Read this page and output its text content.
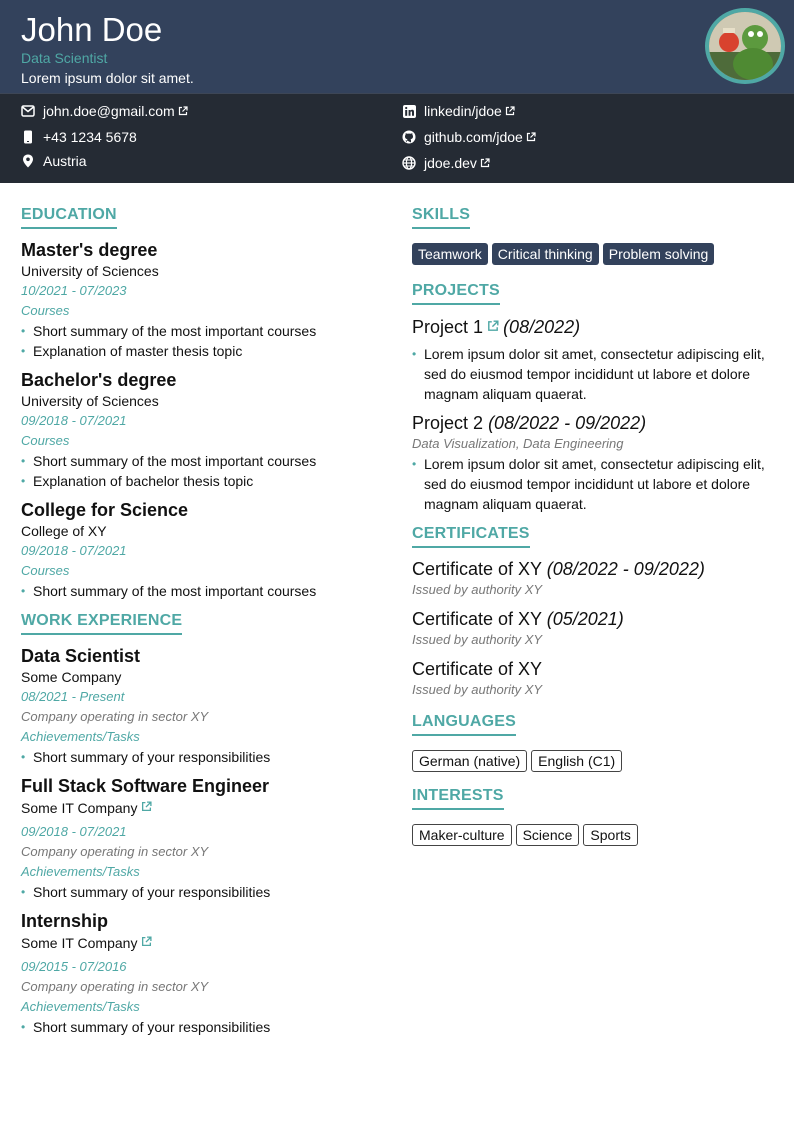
John Doe
Data Scientist
Lorem ipsum dolor sit amet.
john.doe@gmail.com
+43 1234 5678
Austria
linkedin/jdoe
github.com/jdoe
jdoe.dev
EDUCATION
Master's degree
University of Sciences
10/2021 - 07/2023
Courses
• Short summary of the most important courses
• Explanation of master thesis topic
Bachelor's degree
University of Sciences
09/2018 - 07/2021
Courses
• Short summary of the most important courses
• Explanation of bachelor thesis topic
College for Science
College of XY
09/2018 - 07/2021
Courses
• Short summary of the most important courses
WORK EXPERIENCE
Data Scientist
Some Company
08/2021 - Present
Company operating in sector XY
Achievements/Tasks
• Short summary of your responsibilities
Full Stack Software Engineer
Some IT Company
09/2018 - 07/2021
Company operating in sector XY
Achievements/Tasks
• Short summary of your responsibilities
Internship
Some IT Company
09/2015 - 07/2016
Company operating in sector XY
Achievements/Tasks
• Short summary of your responsibilities
SKILLS
Teamwork Critical thinking Problem solving
PROJECTS
Project 1 (08/2022)
• Lorem ipsum dolor sit amet, consectetur adipiscing elit, sed do eiusmod tempor incididunt ut labore et dolore magnam aliquam quaerat.
Project 2 (08/2022 - 09/2022)
Data Visualization, Data Engineering
• Lorem ipsum dolor sit amet, consectetur adipiscing elit, sed do eiusmod tempor incididunt ut labore et dolore magnam aliquam quaerat.
CERTIFICATES
Certificate of XY (08/2022 - 09/2022)
Issued by authority XY
Certificate of XY (05/2021)
Issued by authority XY
Certificate of XY
Issued by authority XY
LANGUAGES
German (native) English (C1)
INTERESTS
Maker-culture Science Sports
